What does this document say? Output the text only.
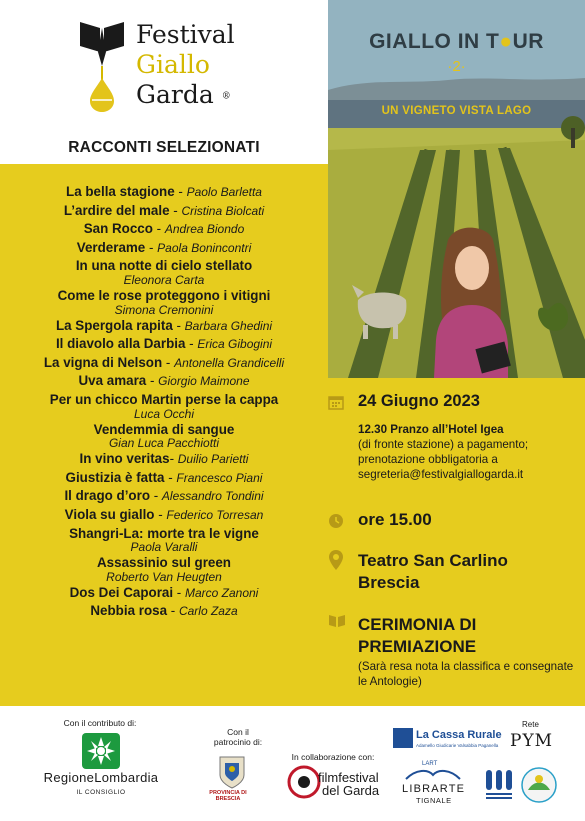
Festival
Giallo
Garda ®
RACCONTI SELEZIONATI
GIALLO IN T●UR
·2·
UN VIGNETO VISTA LAGO
La bella stagione - Paolo Barletta
L’ardire del male - Cristina Biolcati
San Rocco - Andrea Biondo
Verderame - Paola Bonincontri
In una notte di cielo stellato
Eleonora Carta
Come le rose proteggono i vitigni
Simona Cremonini
La Spergola rapita - Barbara Ghedini
Il diavolo alla Darbia - Erica Gibogini
La vigna di Nelson - Antonella Grandicelli
Uva amara - Giorgio Maimone
Per un chicco Martin perse la cappa
Luca Occhi
Vendemmia di sangue
Gian Luca Pacchiotti
In vino veritas- Duilio Parietti
Giustizia è fatta - Francesco Piani
Il drago d’oro - Alessandro Tondini
Viola su giallo - Federico Torresan
Shangri-La: morte tra le vigne
Paola Varalli
Assassinio sul green
Roberto Van Heugten
Dos Dei Caporai - Marco Zanoni
Nebbia rosa - Carlo Zaza
24 Giugno 2023
12.30 Pranzo all’Hotel Igea
(di fronte stazione) a pagamento; prenotazione obbligatoria a segreteria@festivalgiallogarda.it
ore 15.00
Teatro San Carlino
Brescia
CERIMONIA DI
PREMIAZIONE
(Sarà resa nota la classifica e consegnate le Antologie)
Con il contributo di:
RegioneLombardia
IL CONSIGLIO
Con il
patrocinio di:
PROVINCIA DI BRESCIA
In collaborazione con:
filmfestival
del Garda
La Cassa Rurale
Adamello Giudicarie Valsabbia Paganella
Rete
PYM
LART
LIBRARTE
TIGNALE
